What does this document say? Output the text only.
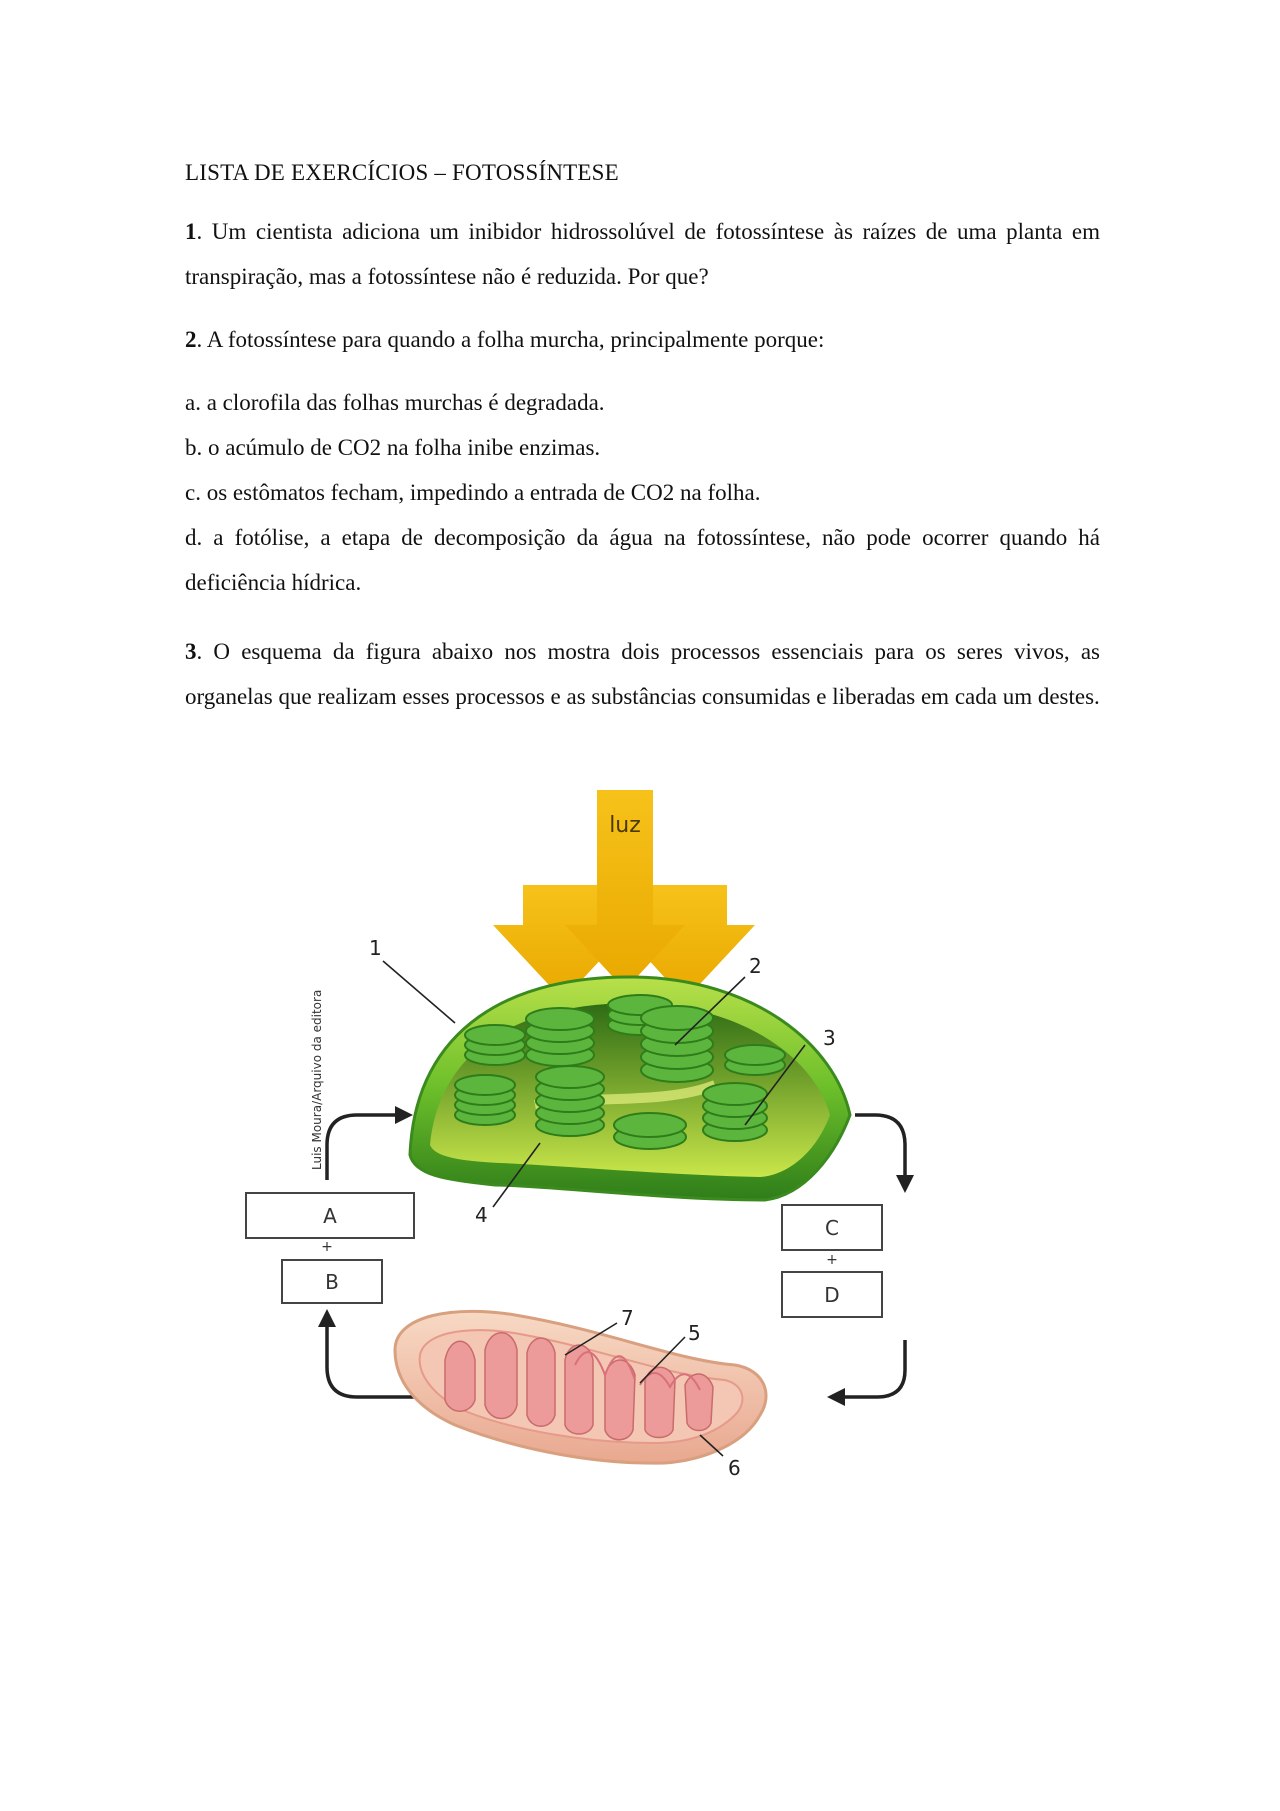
LISTA DE EXERCÍCIOS – FOTOSSÍNTESE

1. Um cientista adiciona um inibidor hidrossolúvel de fotossíntese às raízes de uma planta em transpiração, mas a fotossíntese não é reduzida. Por que?

2. A fotossíntese para quando a folha murcha, principalmente porque:

a. a clorofila das folhas murchas é degradada.

b. o acúmulo de CO2 na folha inibe enzimas.

c. os estômatos fecham, impedindo a entrada de CO2 na folha.

d. a fotólise, a etapa de decomposição da água na fotossíntese, não pode ocorrer quando há deficiência hídrica.

3. O esquema da figura abaixo nos mostra dois processos essenciais para os seres vivos, as organelas que realizam esses processos e as substâncias consumidas e liberadas em cada um destes.

luz
Luis Moura/Arquivo da editora
1
2
3
4
A
+
B
C
+
D
5
6
7
